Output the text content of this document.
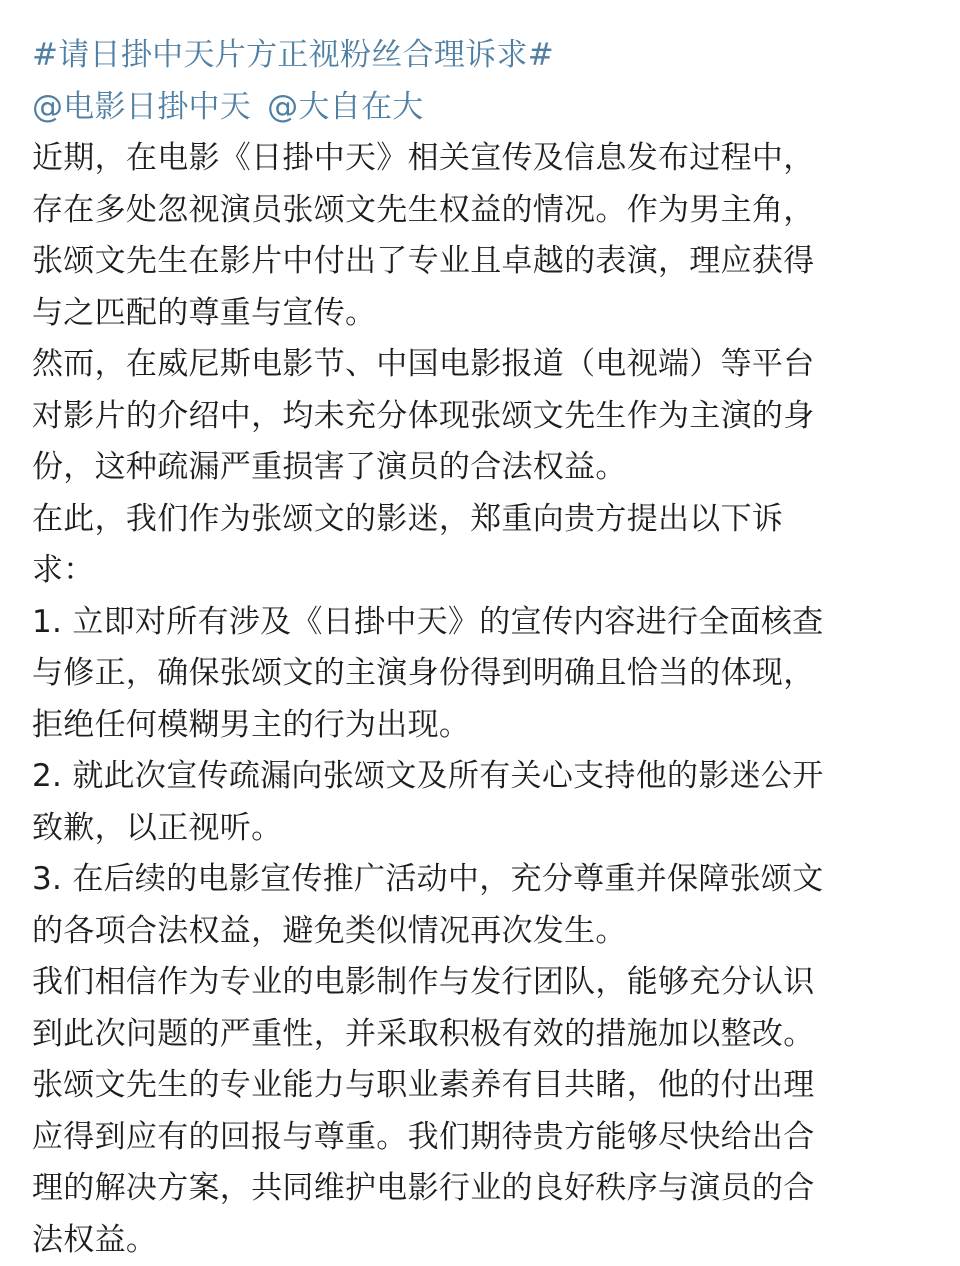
#请日掛中天片方正视粉丝合理诉求#
@电影日掛中天 @大自在大
近期，在电影《日掛中天》相关宣传及信息发布过程中，
存在多处忽视演员张颂文先生权益的情况。作为男主角，
张颂文先生在影片中付出了专业且卓越的表演，理应获得
与之匹配的尊重与宣传。
然而，在威尼斯电影节、中国电影报道（电视端）等平台
对影片的介绍中，均未充分体现张颂文先生作为主演的身
份，这种疏漏严重损害了演员的合法权益。
在此，我们作为张颂文的影迷，郑重向贵方提出以下诉
求：
1. 立即对所有涉及《日掛中天》的宣传内容进行全面核查
与修正，确保张颂文的主演身份得到明确且恰当的体现，
拒绝任何模糊男主的行为出现。
2. 就此次宣传疏漏向张颂文及所有关心支持他的影迷公开
致歉，以正视听。
3. 在后续的电影宣传推广活动中，充分尊重并保障张颂文
的各项合法权益，避免类似情况再次发生。
我们相信作为专业的电影制作与发行团队，能够充分认识
到此次问题的严重性，并采取积极有效的措施加以整改。
张颂文先生的专业能力与职业素养有目共睹，他的付出理
应得到应有的回报与尊重。我们期待贵方能够尽快给出合
理的解决方案，共同维护电影行业的良好秩序与演员的合
法权益。
